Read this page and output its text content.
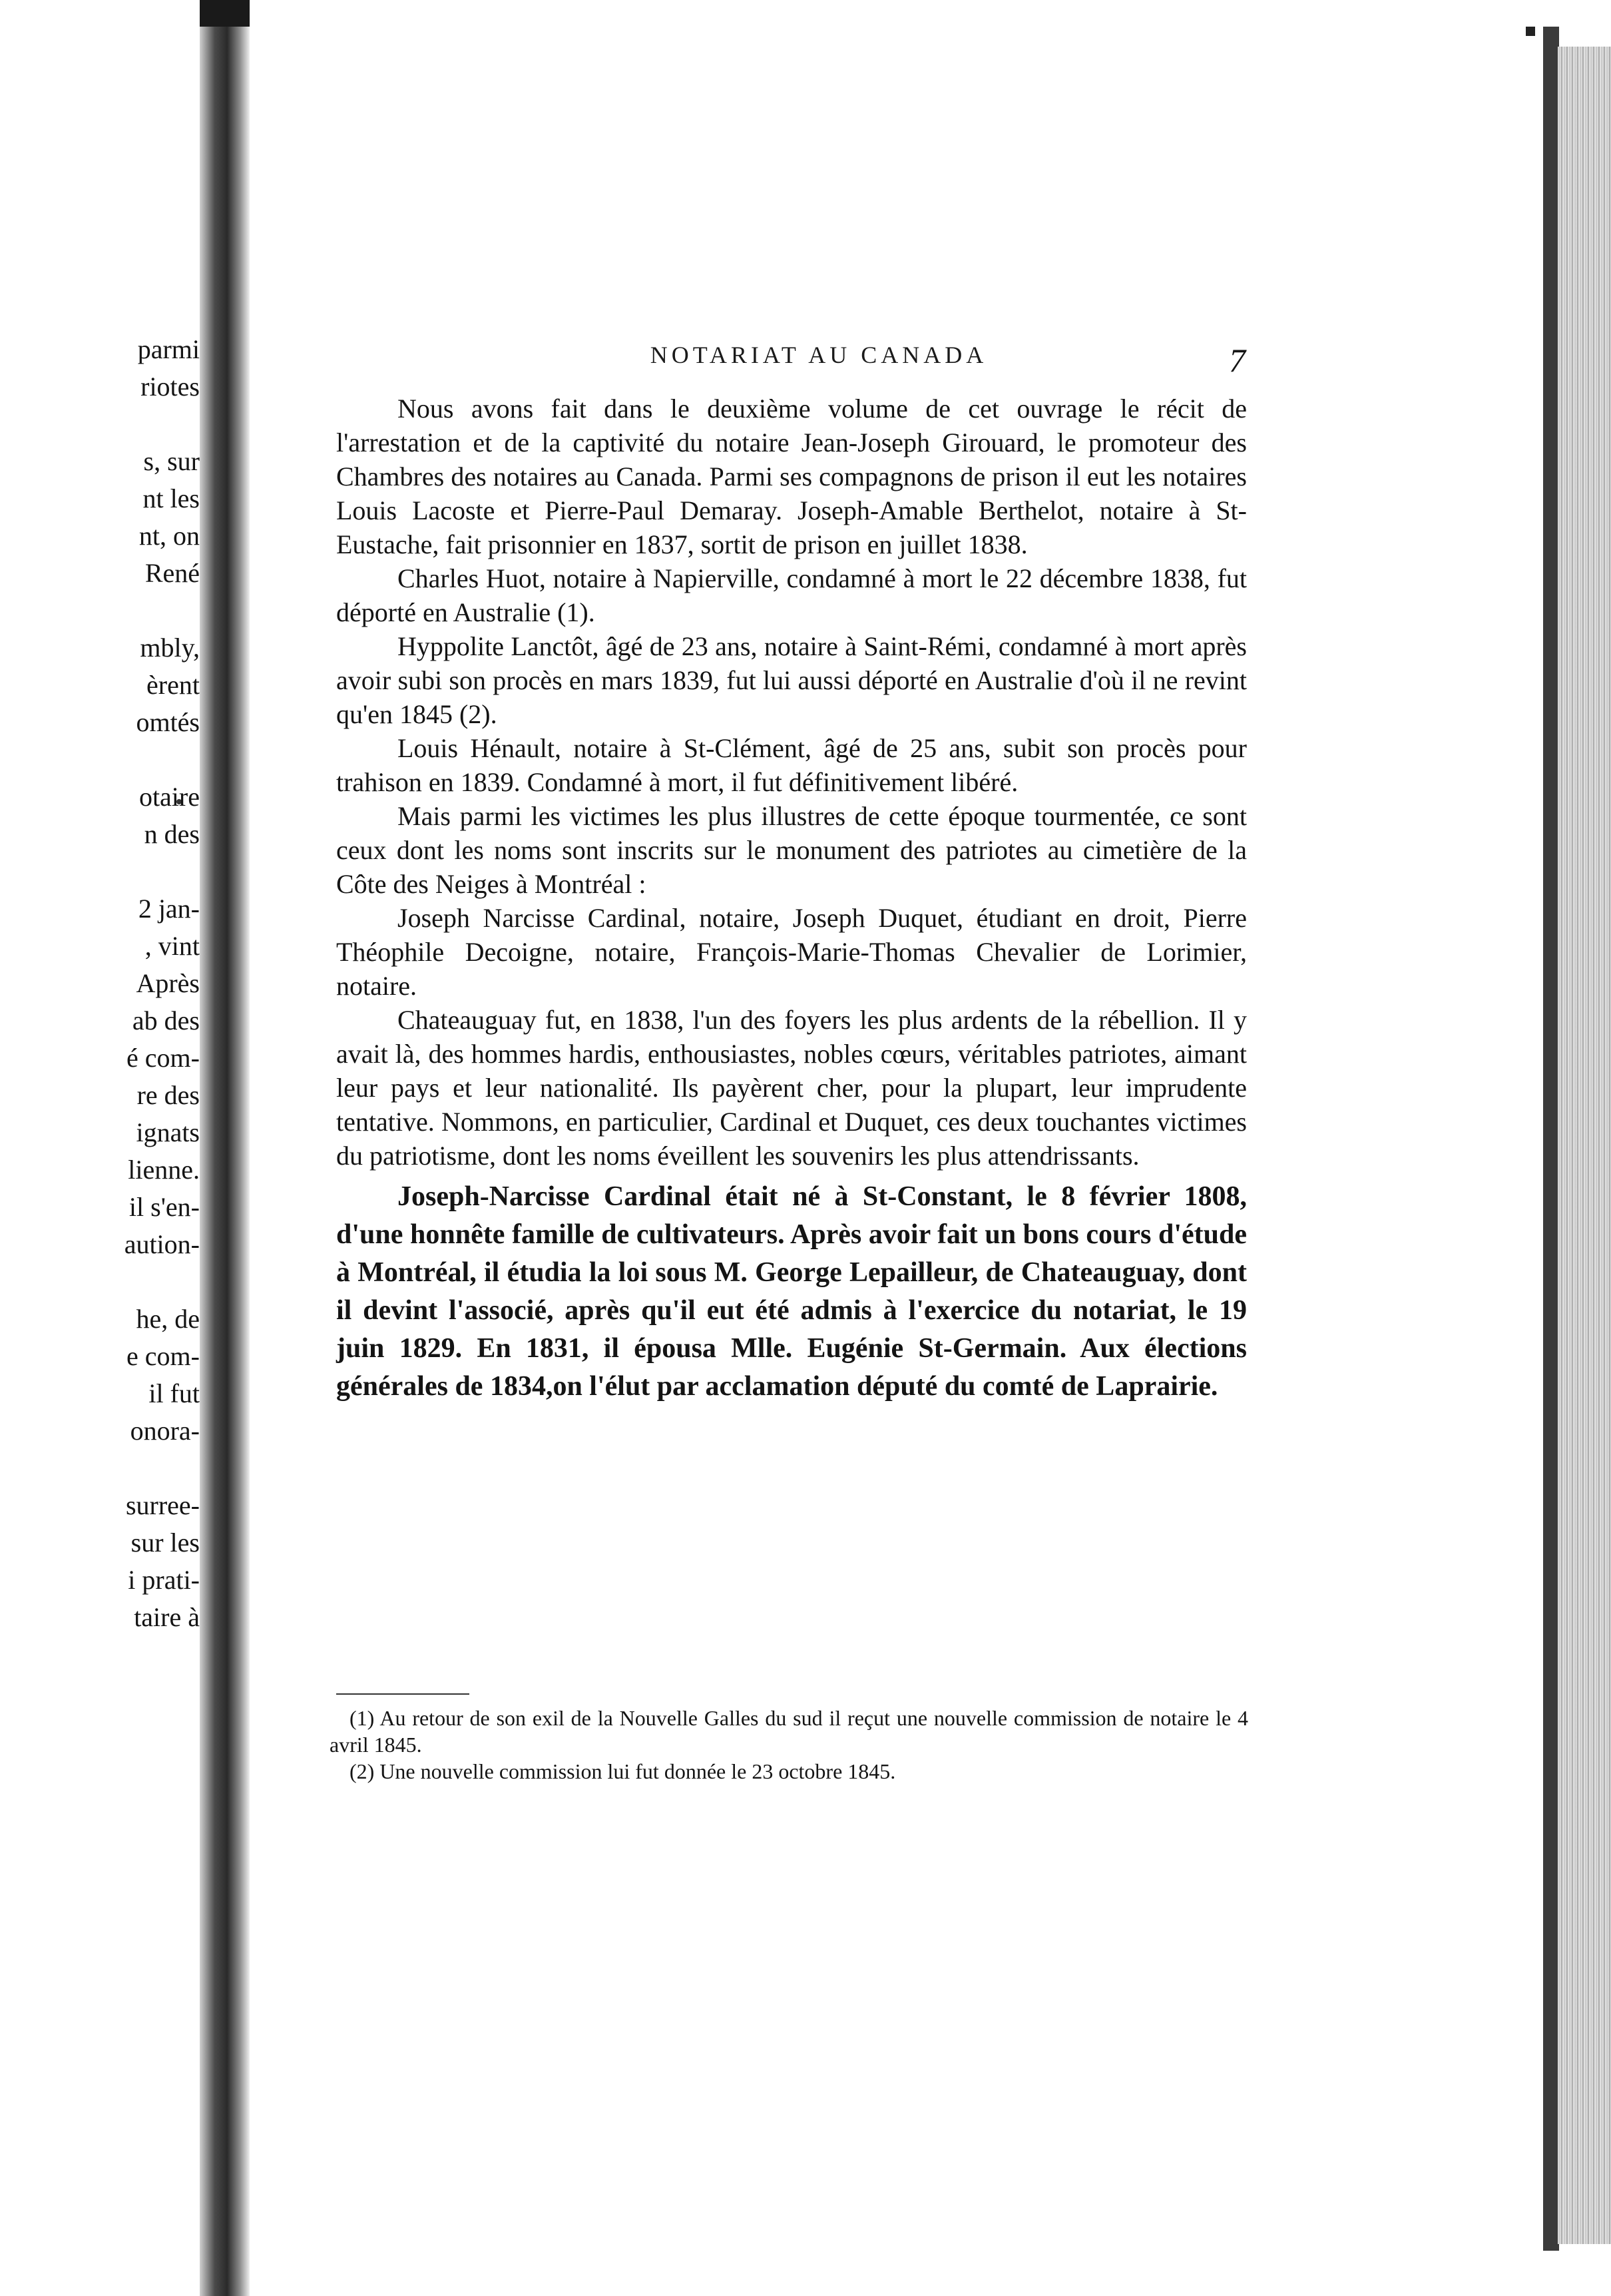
parmi
riotes
s, sur
nt les
nt, on
René
mbly,
èrent
omtés
otaire
n des
2 jan-
, vint
Après
ab des
é com-
re des
ignats
lienne.
il s'en-
aution-
he, de
e com-
il fut
onora-
surree-
sur les
i prati-
taire à
NOTARIAT AU CANADA	7

Nous avons fait dans le deuxième volume de cet ouvrage le récit de l'arrestation et de la captivité du notaire Jean-Joseph Girouard, le promoteur des Chambres des notaires au Canada. Parmi ses compagnons de prison il eut les notaires Louis Lacoste et Pierre-Paul Demaray. Joseph-Amable Berthelot, notaire à St-Eustache, fait prisonnier en 1837, sortit de prison en juillet 1838.

Charles Huot, notaire à Napierville, condamné à mort le 22 décembre 1838, fut déporté en Australie (1).

Hyppolite Lanctôt, âgé de 23 ans, notaire à Saint-Rémi, condamné à mort après avoir subi son procès en mars 1839, fut lui aussi déporté en Australie d'où il ne revint qu'en 1845 (2).

Louis Hénault, notaire à St-Clément, âgé de 25 ans, subit son procès pour trahison en 1839. Condamné à mort, il fut définitivement libéré.

Mais parmi les victimes les plus illustres de cette époque tourmentée, ce sont ceux dont les noms sont inscrits sur le monument des patriotes au cimetière de la Côte des Neiges à Montréal :

Joseph Narcisse Cardinal, notaire, Joseph Duquet, étudiant en droit, Pierre Théophile Decoigne, notaire, François-Marie-Thomas Chevalier de Lorimier, notaire.

Chateauguay fut, en 1838, l'un des foyers les plus ardents de la rébellion. Il y avait là, des hommes hardis, enthousiastes, nobles cœurs, véritables patriotes, aimant leur pays et leur nationalité. Ils payèrent cher, pour la plupart, leur imprudente tentative. Nommons, en particulier, Cardinal et Duquet, ces deux touchantes victimes du patriotisme, dont les noms éveillent les souvenirs les plus attendrissants.

Joseph-Narcisse Cardinal était né à St-Constant, le 8 février 1808, d'une honnête famille de cultivateurs. Après avoir fait un bons cours d'étude à Montréal, il étudia la loi sous M. George Lepailleur, de Chateauguay, dont il devint l'associé, après qu'il eut été admis à l'exercice du notariat, le 19 juin 1829. En 1831, il épousa Mlle. Eugénie St-Germain. Aux élections générales de 1834,on l'élut par acclamation député du comté de Laprairie.

(1) Au retour de son exil de la Nouvelle Galles du sud il reçut une nouvelle commission de notaire le 4 avril 1845.

(2) Une nouvelle commission lui fut donnée le 23 octobre 1845.
